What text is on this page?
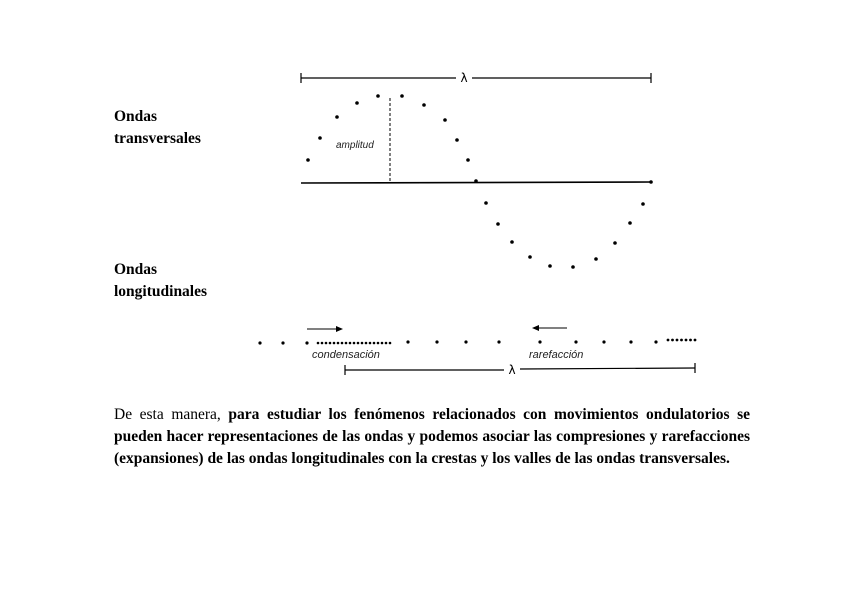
Ondas
transversales
Ondas
longitudinales
λ
amplitud
condensación	rarefacción
λ

De esta manera, para estudiar los fenómenos relacionados con movimientos ondulatorios se pueden hacer representaciones de las ondas y podemos asociar las compresiones y rarefacciones (expansiones) de las ondas longitudinales con la crestas y los valles de las ondas transversales.
